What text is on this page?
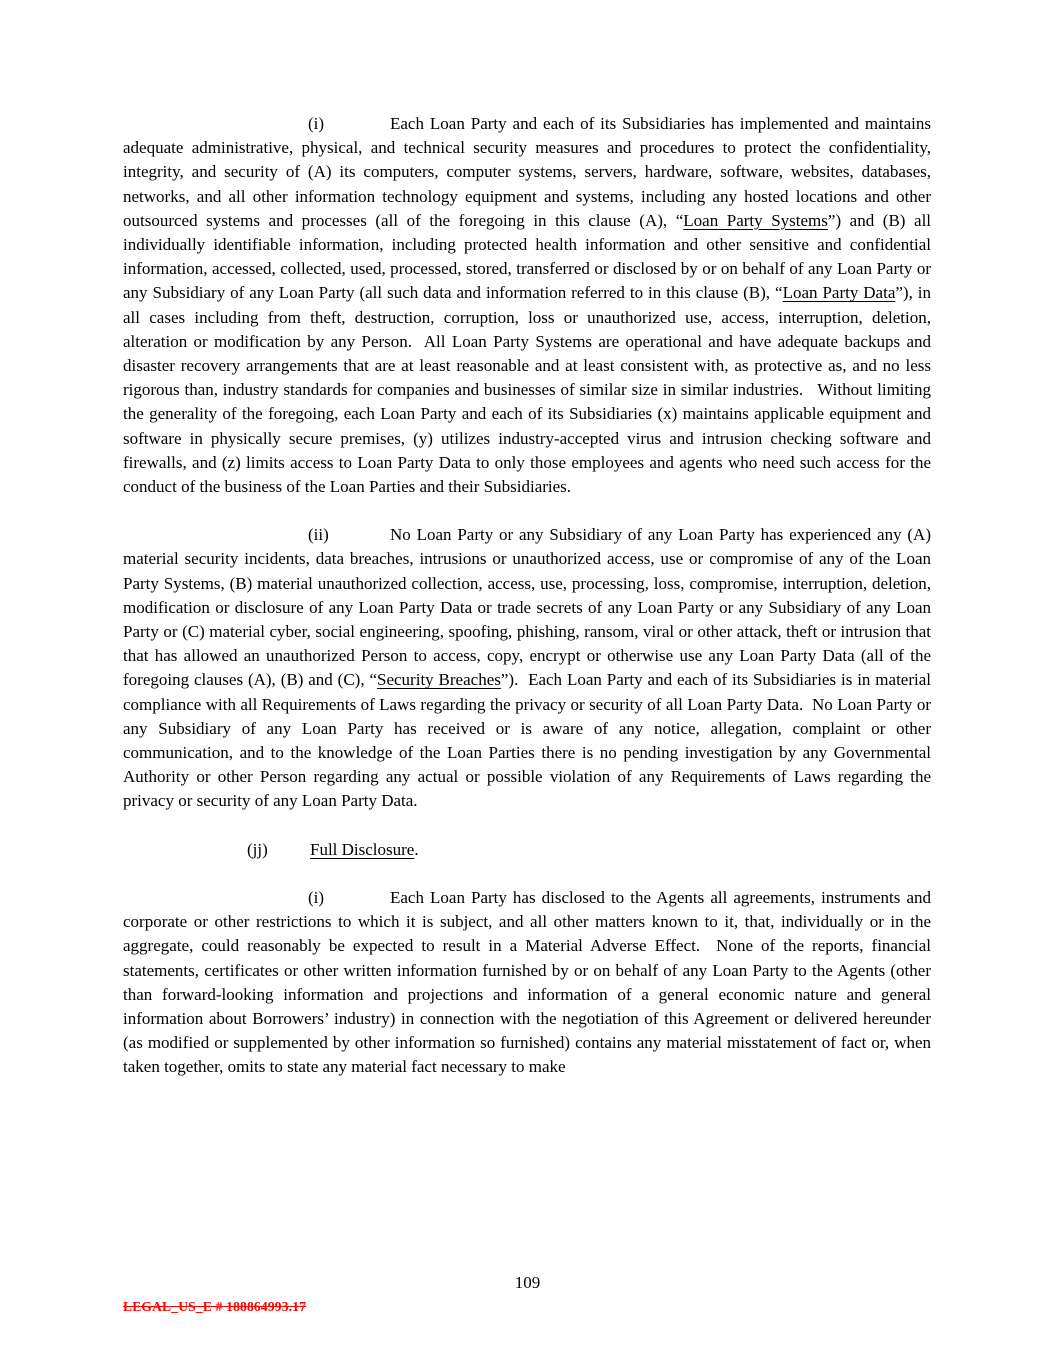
(i)	Each Loan Party and each of its Subsidiaries has implemented and maintains adequate administrative, physical, and technical security measures and procedures to protect the confidentiality, integrity, and security of (A) its computers, computer systems, servers, hardware, software, websites, databases, networks, and all other information technology equipment and systems, including any hosted locations and other outsourced systems and processes (all of the foregoing in this clause (A), “Loan Party Systems”) and (B) all individually identifiable information, including protected health information and other sensitive and confidential information, accessed, collected, used, processed, stored, transferred or disclosed by or on behalf of any Loan Party or any Subsidiary of any Loan Party (all such data and information referred to in this clause (B), “Loan Party Data”), in all cases including from theft, destruction, corruption, loss or unauthorized use, access, interruption, deletion, alteration or modification by any Person.  All Loan Party Systems are operational and have adequate backups and disaster recovery arrangements that are at least reasonable and at least consistent with, as protective as, and no less rigorous than, industry standards for companies and businesses of similar size in similar industries.   Without limiting the generality of the foregoing, each Loan Party and each of its Subsidiaries (x) maintains applicable equipment and software in physically secure premises, (y) utilizes industry-accepted virus and intrusion checking software and firewalls, and (z) limits access to Loan Party Data to only those employees and agents who need such access for the conduct of the business of the Loan Parties and their Subsidiaries.

(ii)	No Loan Party or any Subsidiary of any Loan Party has experienced any (A) material security incidents, data breaches, intrusions or unauthorized access, use or compromise of any of the Loan Party Systems, (B) material unauthorized collection, access, use, processing, loss, compromise, interruption, deletion, modification or disclosure of any Loan Party Data or trade secrets of any Loan Party or any Subsidiary of any Loan Party or (C) material cyber, social engineering, spoofing, phishing, ransom, viral or other attack, theft or intrusion that that has allowed an unauthorized Person to access, copy, encrypt or otherwise use any Loan Party Data (all of the foregoing clauses (A), (B) and (C), “Security Breaches”).  Each Loan Party and each of its Subsidiaries is in material compliance with all Requirements of Laws regarding the privacy or security of all Loan Party Data.  No Loan Party or any Subsidiary of any Loan Party has received or is aware of any notice, allegation, complaint or other communication, and to the knowledge of the Loan Parties there is no pending investigation by any Governmental Authority or other Person regarding any actual or possible violation of any Requirements of Laws regarding the privacy or security of any Loan Party Data.

(jj) Full Disclosure.

(i)	Each Loan Party has disclosed to the Agents all agreements, instruments and corporate or other restrictions to which it is subject, and all other matters known to it, that, individually or in the aggregate, could reasonably be expected to result in a Material Adverse Effect.  None of the reports, financial statements, certificates or other written information furnished by or on behalf of any Loan Party to the Agents (other than forward-looking information and projections and information of a general economic nature and general information about Borrowers’ industry) in connection with the negotiation of this Agreement or delivered hereunder (as modified or supplemented by other information so furnished) contains any material misstatement of fact or, when taken together, omits to state any material fact necessary to make

109
LEGAL_US_E # 188864993.17
